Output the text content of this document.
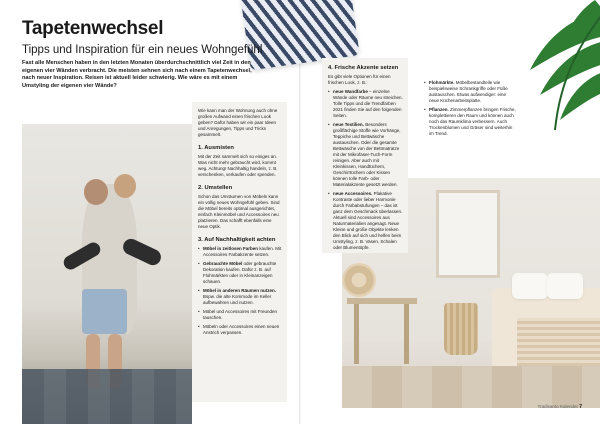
Tapetenwechsel
Tipps und Inspiration für ein neues Wohngefühl
Fast alle Menschen haben in den letzten Monaten überdurchschnittlich viel Zeit in den eigenen vier Wänden verbracht. Die meisten sehnen sich nach einem Tapetenwechsel, nach neuer Inspiration. Reisen ist aktuell leider schwierig. Wie wäre es mit einem Umstyling der eigenen vier Wände?
Wie kann man der Wohnung auch ohne großen Aufwand einen frischen Look geben? Dafür haben wir ein paar Ideen und Anregungen, Tipps und Tricks gesammelt.
1. Ausmisten
Mit der Zeit sammelt sich so einiges an. Was nicht mehr gebraucht wird, kommt weg. Achtung! Nachhaltig handeln, z. B. verschenken, verkaufen oder spenden.
2. Umstellen
Schon das Umräumen von Möbeln kann ein völlig neues Wohngefühl geben. Sind die Möbel bereits optimal ausgerichtet, einfach Kleinmöbel und Accessoires neu platzieren. Das schafft ebenfalls eine neue Optik.
3. Auf Nachhaltigkeit achten
• Möbel in zeitlosen Farben kaufen. Mit Accessoires Farbakzente setzen.
• Gebrauchte Möbel oder gebrauchte Dekoration kaufen. Dafür z. B. auf Flohmärkten oder in Kleinanzeigen schauen.
• Möbel in anderen Räumen nutzen. Bspw. die alte Kommode im Keller aufbewahren und nutzen.
• Möbel und Accessoires mit Freunden tauschen.
• Möbeln oder Accessoires einen neuen Anstrich verpassen.
4. Frische Akzente setzen
Es gibt viele Optionen für einen frischen Look, z. B.:
• neue Wandfarbe – einzelne Wände oder Räume neu streichen. Tolle Tipps und die Trendfarben 2021 finden Sie auf den folgenden Seiten.
• neue Textilien. Besonders großflächige Stoffe wie Vorhänge, Teppiche und Bettwäsche austauschen. Oder die gesamte Bettwäsche von der Bettmatratze mit der Mikrofaser-Tuch-Form reinigen. Aber auch mit Kleinkissen, Handtüchern, Geschirrtüchern oder Kissen können tolle Farb- oder Materialakzente gesetzt werden.
• neue Accessoires. Plakative Kontraste oder lieber Harmonie durch Farbabstufungen – das ist ganz dem Geschmack überlassen. Aktuell sind Accessoires aus Naturmaterialien angesagt. Neue Kleine und große Objekte lenken den Blick auf sich und helfen beim Umstyling, z. B. Vasen, Schalen oder Blumentöpfe.
• Flohmärkte. Möbelbestandteile wie beispielsweise Schrankgriffe oder Füße austauschen. Etwas aufwendiger: eine neue Küchenarbeitsplatte.
• Pflanzen. Zimmerpflanzen bringen Frische, komplettieren den Raum und können auch noch das Raumklima verbessern. Auch Trockenblumen und Gräser sind weiterhin im Trend.
Tradisanto Kalender 7
